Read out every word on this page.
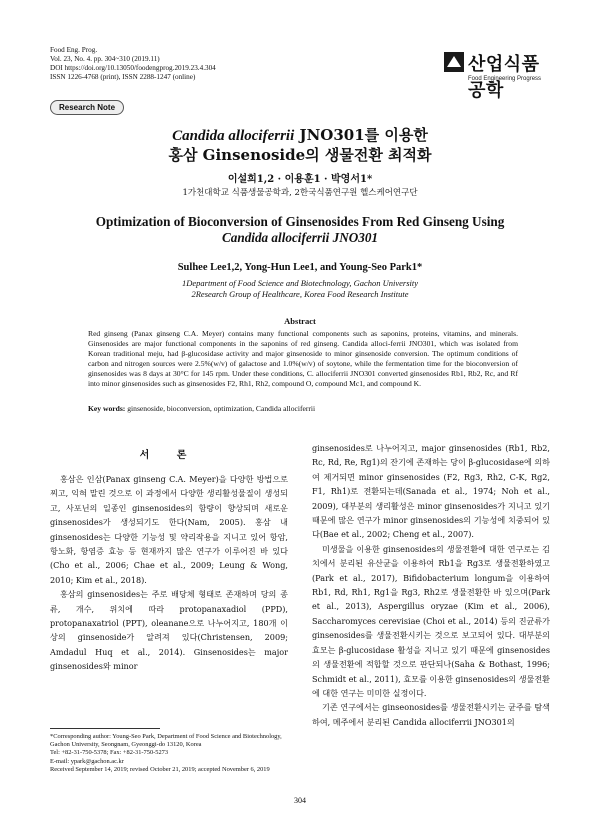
Food Eng. Prog.
Vol. 23, No. 4. pp. 304~310 (2019.11)
DOI https://doi.org/10.13050/foodengprog.2019.23.4.304
ISSN 1226-4768 (print), ISSN 2288-1247 (online)
산업식품공학
Food Engineering Progress
Research Note
Candida allociferrii JNO301를 이용한
홍삼 Ginsenoside의 생물전환 최적화
이설희1,2 · 이용훈1 · 박영서1*
1가천대학교 식품생물공학과, 2한국식품연구원 헬스케어연구단
Optimization of Bioconversion of Ginsenosides From Red Ginseng Using
Candida allociferrii JNO301
Sulhee Lee1,2, Yong-Hun Lee1, and Young-Seo Park1*
1Department of Food Science and Biotechnology, Gachon University
2Research Group of Healthcare, Korea Food Research Institute
Abstract
Red ginseng (Panax ginseng C.A. Meyer) contains many functional components such as saponins, proteins, vitamins, and minerals. Ginsenosides are major functional components in the saponins of red ginseng. Candida alloci-ferrii JNO301, which was isolated from Korean traditional meju, had β-glucosidase activity and major ginsenoside to minor ginsenoside conversion. The optimum conditions of carbon and nitrogen sources were 2.5%(w/v) of galactose and 1.0%(w/v) of soytone, while the fermentation time for the bioconversion of ginsenosides was 8 days at 30°C for 145 rpm. Under these conditions, C. allociferrii JNO301 converted ginsenosides Rb1, Rb2, Rc, and Rf into minor ginsenosides such as ginsenosides F2, Rh1, Rh2, compound O, compound Mc1, and compound K.
Key words: ginsenoside, bioconversion, optimization, Candida allociferrii
서 론

홍삼은 인삼(Panax ginseng C.A. Meyer)을 다양한 방법으로 찌고, 익혀 말린 것으로 이 과정에서 다양한 생리활성물질이 생성되고, 사포닌의 일종인 ginsenosides의 함량이 향상되며 새로운 ginsenosides가 생성되기도 한다(Nam, 2005). 홍삼 내 ginsenosides는 다양한 기능성 및 약리작용을 지니고 있어 항암, 항노화, 항염증 효능 등 현재까지 많은 연구가 이루어진 바 있다(Cho et al., 2006; Chae et al., 2009; Leung & Wong, 2010; Kim et al., 2018).

홍삼의 ginsenosides는 주로 배당체 형태로 존재하며 당의 종류, 개수, 위치에 따라 protopanaxadiol (PPD), protopanaxatriol (PPT), oleanane으로 나누어지고, 180개 이상의 ginsenoside가 알려져 있다(Christensen, 2009; Amdadul Huq et al., 2014). Ginsenosides는 major ginsenosides와 minor

ginsenosides로 나누어지고, major ginsenosides (Rb1, Rb2, Rc, Rd, Re, Rg1)의 잔기에 존재하는 당이 β-glucosidase에 의하여 제거되면 minor ginsenosides (F2, Rg3, Rh2, C-K, Rg2, F1, Rh1)로 전환되는데(Sanada et al., 1974; Noh et al., 2009), 대부분의 생리활성은 minor ginsenosides가 지니고 있기 때문에 많은 연구가 minor ginsenosides의 기능성에 치중되어 있다(Bae et al., 2002; Cheng et al., 2007).

미생물을 이용한 ginsenosides의 생물전환에 대한 연구로는 김치에서 분리된 유산균을 이용하여 Rb1을 Rg3로 생물전환하였고(Park et al., 2017), Bifidobacterium longum을 이용하여 Rb1, Rd, Rh1, Rg1을 Rg3, Rh2로 생물전환한 바 있으며(Park et al., 2013), Aspergillus oryzae (Kim et al., 2006), Saccharomyces cerevisiae (Choi et al., 2014) 등의 진균류가 ginsenosides를 생물전환시키는 것으로 보고되어 있다. 대부분의 효모는 β-glucosidase 활성을 지니고 있기 때문에 ginsenosides의 생물전환에 적합할 것으로 판단되나(Saha & Bothast, 1996; Schmidt et al., 2011), 효모를 이용한 ginsenosides의 생물전환에 대한 연구는 미미한 실정이다.

기존 연구에서는 ginseonosides를 생물전환시키는 균주를 탐색하여, 메주에서 분리된 Candida allociferrii JNO301의

*Corresponding author: Young-Seo Park, Department of Food Science and Biotechnology, Gachon University, Seongnam, Gyeonggi-do 13120, Korea
Tel: +82-31-750-5378; Fax: +82-31-750-5273
E-mail: ypark@gachon.ac.kr
Received September 14, 2019; revised October 21, 2019; accepted November 6, 2019
304
